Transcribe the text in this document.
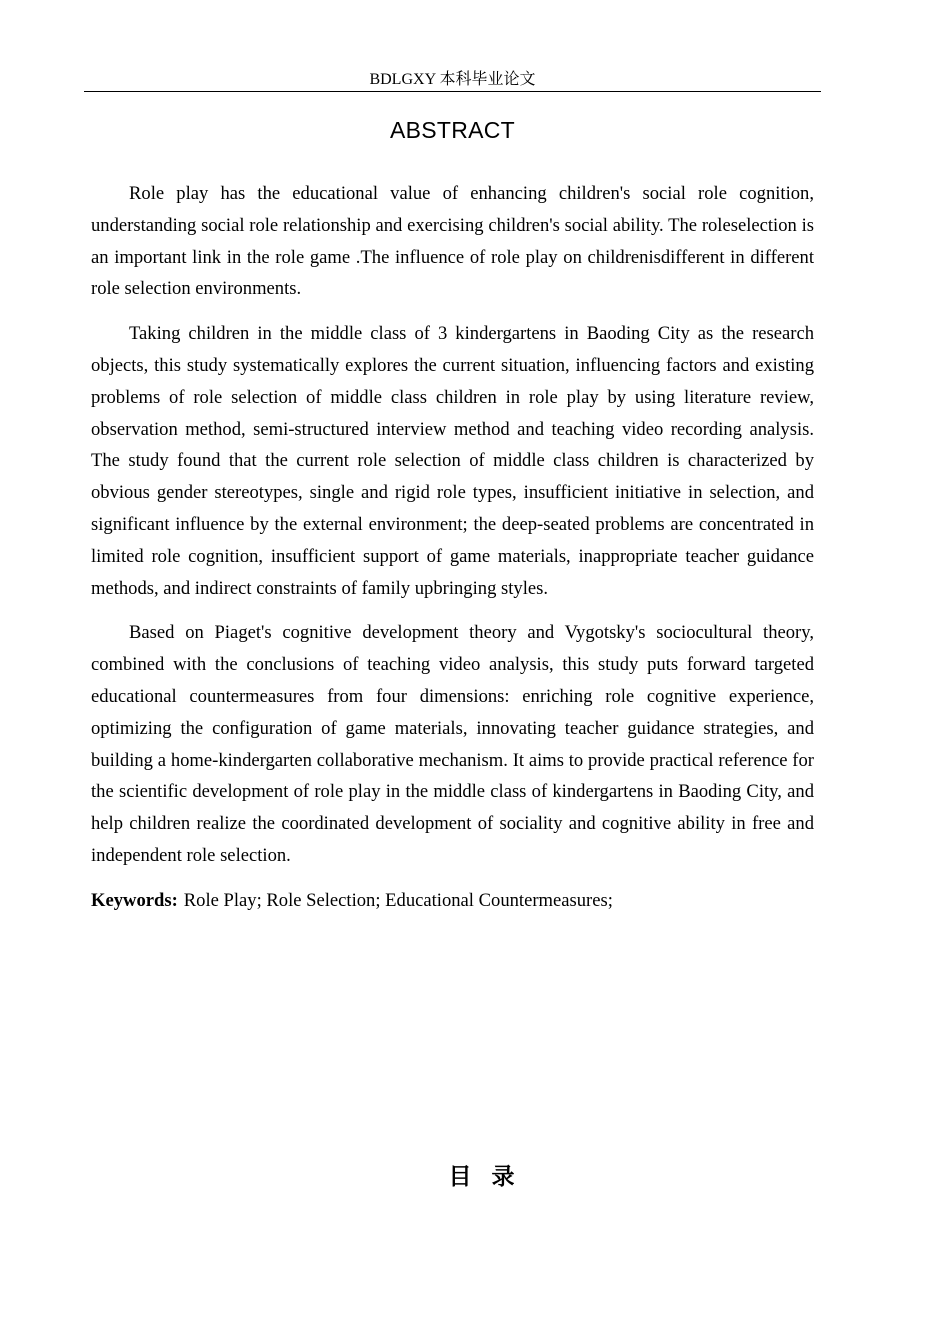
BDLGXY 本科毕业论文
ABSTRACT

Role play has the educational value of enhancing children's social role cognition, understanding social role relationship and exercising children's social ability. The roleselection is an important link in the role game .The influence of role play on childrenisdifferent in different role selection environments.

Taking children in the middle class of 3 kindergartens in Baoding City as the research objects, this study systematically explores the current situation, influencing factors and existing problems of role selection of middle class children in role play by using literature review, observation method, semi-structured interview method and teaching video recording analysis. The study found that the current role selection of middle class children is characterized by obvious gender stereotypes, single and rigid role types, insufficient initiative in selection, and significant influence by the external environment; the deep-seated problems are concentrated in limited role cognition, insufficient support of game materials, inappropriate teacher guidance methods, and indirect constraints of family upbringing styles.

Based on Piaget's cognitive development theory and Vygotsky's sociocultural theory, combined with the conclusions of teaching video analysis, this study puts forward targeted educational countermeasures from four dimensions: enriching role cognitive experience, optimizing the configuration of game materials, innovating teacher guidance strategies, and building a home-kindergarten collaborative mechanism. It aims to provide practical reference for the scientific development of role play in the middle class of kindergartens in Baoding City, and help children realize the coordinated development of sociality and cognitive ability in free and independent role selection.

Keywords: Role Play; Role Selection; Educational Countermeasures;

目录
